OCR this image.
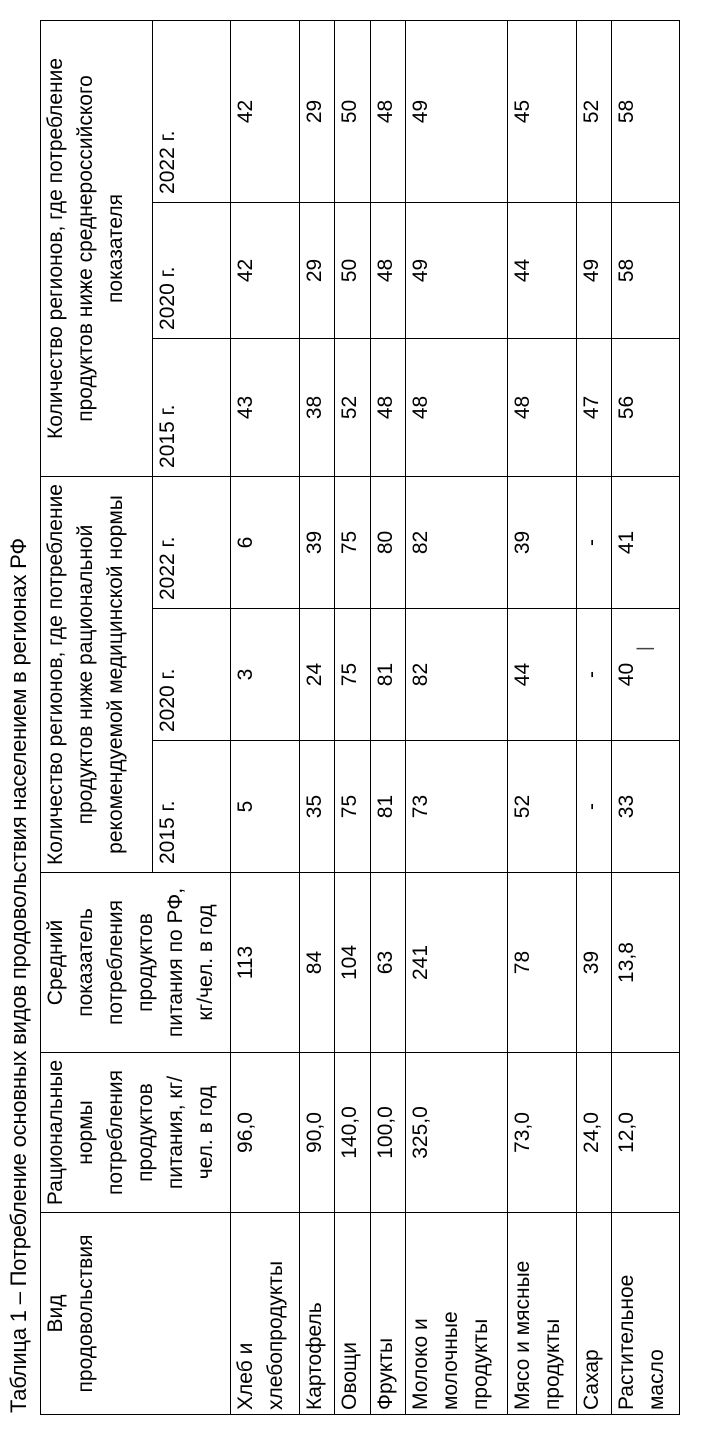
Таблица 1 – Потребление основных видов продовольствия населением в регионах РФ Вид продовольствия	Рациональные нормы потребления продуктов питания, кг/чел. в год	Средний показатель потребления продуктов питания по РФ, кг/чел. в год	Количество регионов, где потребление продуктов ниже рациональной рекомендуемой медицинской нормы			Количество регионов, где потребление продуктов ниже среднероссийского показателя		
			2015 г.	2020 г.	2022 г.	2015 г.	2020 г.	2022 г.
Хлеб и хлебопродукты	96,0	113	5	3	6	43	42	42
Картофель	90,0	84	35	24	39	38	29	29
Овощи	140,0	104	75	75	75	52	50	50
Фрукты	100,0	63	81	81	80	48	48	48
Молоко и молочные продукты	325,0	241	73	82	82	48	49	49
Мясо и мясные продукты	73,0	78	52	44	39	48	44	45
Сахар	24,0	39	-	-	-	47	49	52
Растительное масло	12,0	13,8	33	40	41	56	58	58
|
